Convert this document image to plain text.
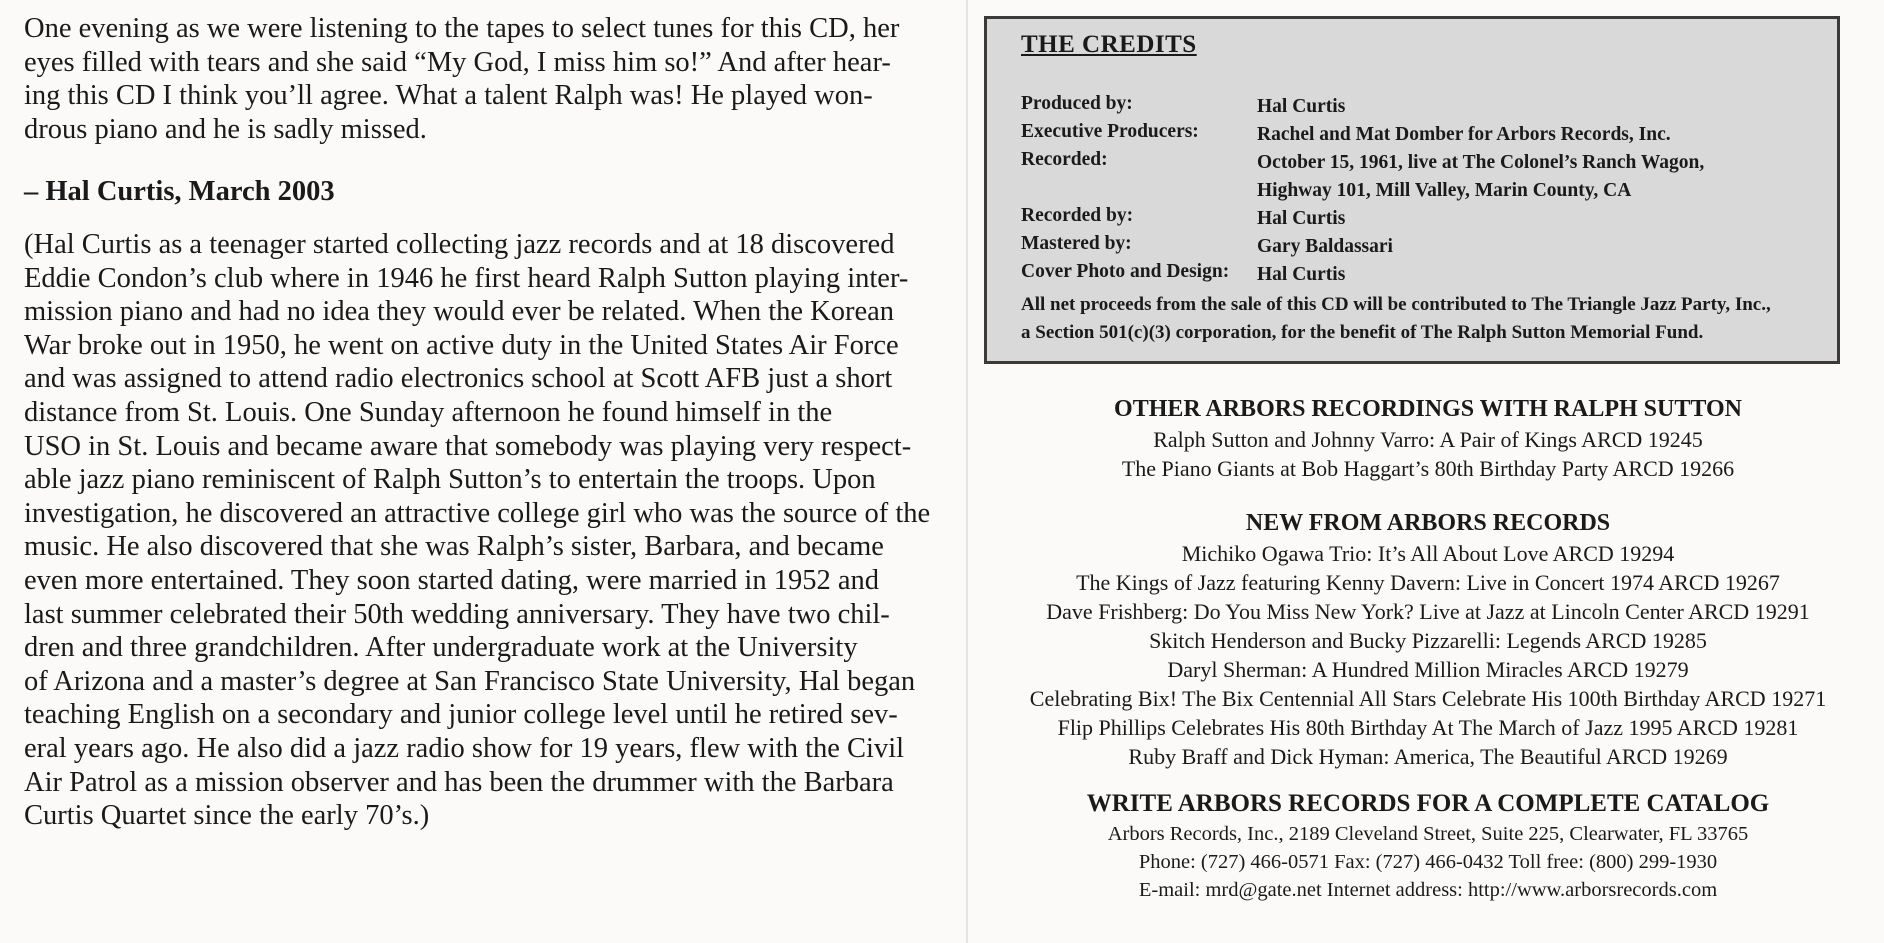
One evening as we were listening to the tapes to select tunes for this CD, her
eyes filled with tears and she said “My God, I miss him so!” And after hear-
ing this CD I think you’ll agree. What a talent Ralph was! He played won-
drous piano and he is sadly missed.

– Hal Curtis, March 2003

(Hal Curtis as a teenager started collecting jazz records and at 18 discovered
Eddie Condon’s club where in 1946 he first heard Ralph Sutton playing inter-
mission piano and had no idea they would ever be related. When the Korean
War broke out in 1950, he went on active duty in the United States Air Force
and was assigned to attend radio electronics school at Scott AFB just a short
distance from St. Louis. One Sunday afternoon he found himself in the
USO in St. Louis and became aware that somebody was playing very respect-
able jazz piano reminiscent of Ralph Sutton’s to entertain the troops. Upon
investigation, he discovered an attractive college girl who was the source of the
music. He also discovered that she was Ralph’s sister, Barbara, and became
even more entertained. They soon started dating, were married in 1952 and
last summer celebrated their 50th wedding anniversary. They have two chil-
dren and three grandchildren. After undergraduate work at the University
of Arizona and a master’s degree at San Francisco State University, Hal began
teaching English on a secondary and junior college level until he retired sev-
eral years ago. He also did a jazz radio show for 19 years, flew with the Civil
Air Patrol as a mission observer and has been the drummer with the Barbara
Curtis Quartet since the early 70’s.)

THE CREDITS
Produced by:	Hal Curtis
Executive Producers:	Rachel and Mat Domber for Arbors Records, Inc.
Recorded:	October 15, 1961, live at The Colonel’s Ranch Wagon,
Highway 101, Mill Valley, Marin County, CA
Recorded by:	Hal Curtis
Mastered by:	Gary Baldassari
Cover Photo and Design: Hal Curtis
All net proceeds from the sale of this CD will be contributed to The Triangle Jazz Party, Inc.,
a Section 501(c)(3) corporation, for the benefit of The Ralph Sutton Memorial Fund.
OTHER ARBORS RECORDINGS WITH RALPH SUTTON
Ralph Sutton and Johnny Varro: A Pair of Kings ARCD 19245
The Piano Giants at Bob Haggart’s 80th Birthday Party ARCD 19266
NEW FROM ARBORS RECORDS
Michiko Ogawa Trio: It’s All About Love ARCD 19294
The Kings of Jazz featuring Kenny Davern: Live in Concert 1974 ARCD 19267
Dave Frishberg: Do You Miss New York? Live at Jazz at Lincoln Center ARCD 19291
Skitch Henderson and Bucky Pizzarelli: Legends ARCD 19285
Daryl Sherman: A Hundred Million Miracles ARCD 19279
Celebrating Bix! The Bix Centennial All Stars Celebrate His 100th Birthday ARCD 19271
Flip Phillips Celebrates His 80th Birthday At The March of Jazz 1995 ARCD 19281
Ruby Braff and Dick Hyman: America, The Beautiful ARCD 19269
WRITE ARBORS RECORDS FOR A COMPLETE CATALOG
Arbors Records, Inc., 2189 Cleveland Street, Suite 225, Clearwater, FL 33765
Phone: (727) 466-0571 Fax: (727) 466-0432 Toll free: (800) 299-1930
E-mail: mrd@gate.net Internet address: http://www.arborsrecords.com
